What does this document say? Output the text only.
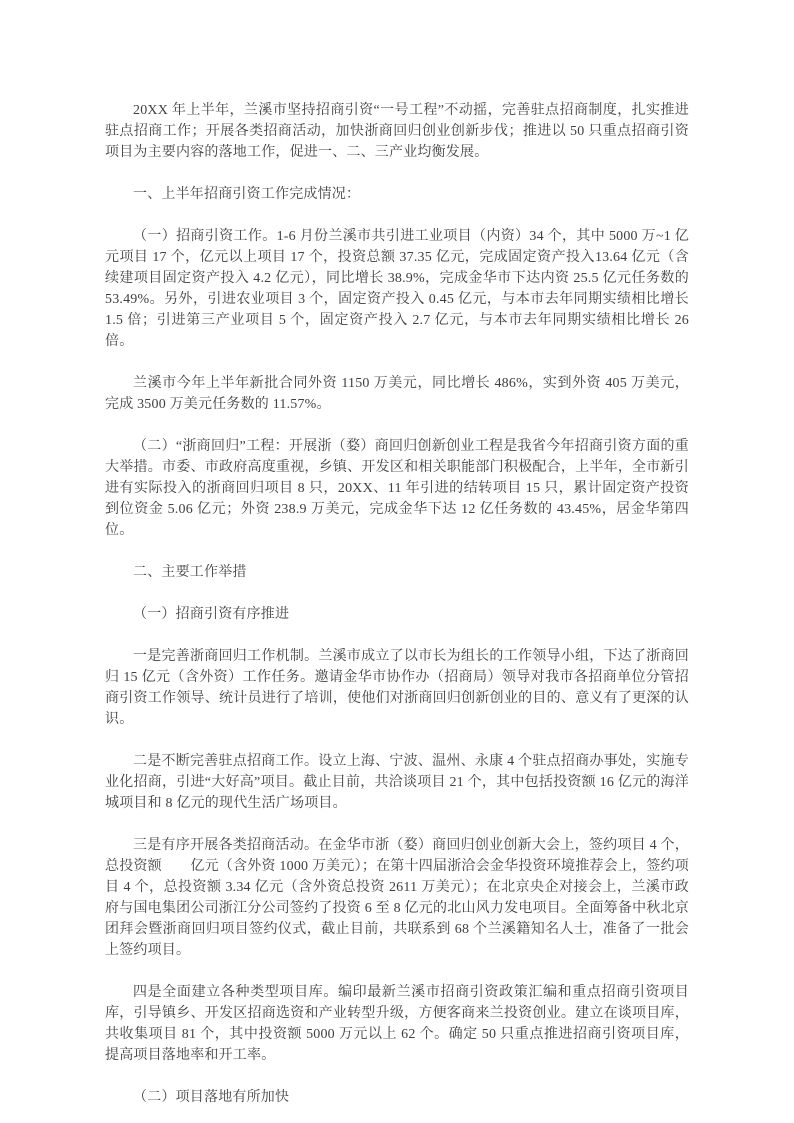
20XX 年上半年，兰溪市坚持招商引资“一号工程”不动摇，完善驻点招商制度，扎实推进驻点招商工作；开展各类招商活动，加快浙商回归创业创新步伐；推进以 50 只重点招商引资项目为主要内容的落地工作，促进一、二、三产业均衡发展。

一、上半年招商引资工作完成情况：

（一）招商引资工作。1-6 月份兰溪市共引进工业项目（内资）34 个，其中 5000 万~1 亿元项目 17 个，亿元以上项目 17 个，投资总额 37.35 亿元，完成固定资产投入13.64 亿元（含续建项目固定资产投入 4.2 亿元），同比增长 38.9%，完成金华市下达内资 25.5 亿元任务数的 53.49%。另外，引进农业项目 3 个，固定资产投入 0.45 亿元，与本市去年同期实绩相比增长 1.5 倍；引进第三产业项目 5 个，固定资产投入 2.7 亿元，与本市去年同期实绩相比增长 26 倍。

兰溪市今年上半年新批合同外资 1150 万美元，同比增长 486%，实到外资 405 万美元，完成 3500 万美元任务数的 11.57%。

（二）“浙商回归”工程：开展浙（婺）商回归创新创业工程是我省今年招商引资方面的重大举措。市委、市政府高度重视，乡镇、开发区和相关职能部门积极配合，上半年，全市新引进有实际投入的浙商回归项目 8 只，20XX、11 年引进的结转项目 15 只，累计固定资产投资到位资金 5.06 亿元；外资 238.9 万美元，完成金华下达 12 亿任务数的 43.45%，居金华第四位。

二、主要工作举措

（一）招商引资有序推进

一是完善浙商回归工作机制。兰溪市成立了以市长为组长的工作领导小组，下达了浙商回归 15 亿元（含外资）工作任务。邀请金华市协作办（招商局）领导对我市各招商单位分管招商引资工作领导、统计员进行了培训，使他们对浙商回归创新创业的目的、意义有了更深的认识。

二是不断完善驻点招商工作。设立上海、宁波、温州、永康 4 个驻点招商办事处，实施专业化招商，引进“大好高”项目。截止目前，共洽谈项目 21 个，其中包括投资额 16 亿元的海洋城项目和 8 亿元的现代生活广场项目。

三是有序开展各类招商活动。在金华市浙（婺）商回归创业创新大会上，签约项目 4 个，总投资额　　亿元（含外资 1000 万美元）；在第十四届浙洽会金华投资环境推荐会上，签约项目 4 个，总投资额 3.34 亿元（含外资总投资 2611 万美元）；在北京央企对接会上，兰溪市政府与国电集团公司浙江分公司签约了投资 6 至 8 亿元的北山风力发电项目。全面筹备中秋北京团拜会暨浙商回归项目签约仪式，截止目前，共联系到 68 个兰溪籍知名人士，准备了一批会上签约项目。

四是全面建立各种类型项目库。编印最新兰溪市招商引资政策汇编和重点招商引资项目库，引导镇乡、开发区招商选资和产业转型升级，方便客商来兰投资创业。建立在谈项目库，共收集项目 81 个，其中投资额 5000 万元以上 62 个。确定 50 只重点推进招商引资项目库，提高项目落地率和开工率。

（二）项目落地有所加快
